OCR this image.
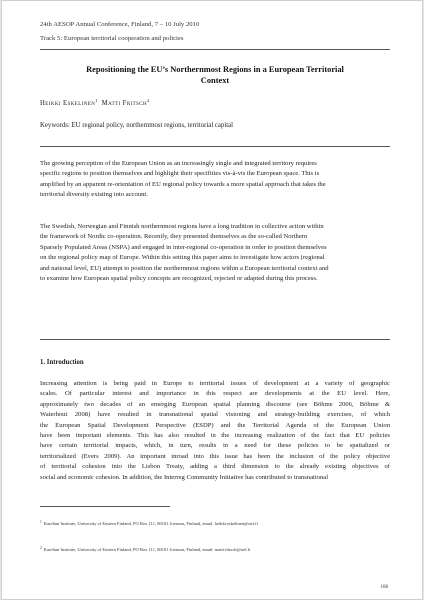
24th AESOP Annual Conference, Finland, 7 – 10 July 2010
Track 5: European territorial cooperation and policies
Repositioning the EU’s Northernmost Regions in a European Territorial
Context
Heikki Eskelinen$^1$ Matti Fritsch$^2$
Keywords: EU regional policy, northernmost regions, territorial capital
The growing perception of the European Union as an increasingly single and integrated territory requires
specific regions to position themselves and highlight their specifities vis-à-vis the European space. This is
amplified by an apparent re-orientation of EU regional policy towards a more spatial approach that takes the
territorial diversity existing into account.
The Swedish, Norwegian and Finnish northernmost regions have a long tradition in collective action within
the framework of Nordic co-operation. Recently, they presented themselves as the so-called Northern
Sparsely Populated Areas (NSPA) and engaged in inter-regional co-operation in order to position themselves
on the regional policy map of Europe. Within this setting this paper aims to investigate how actors (regional
and national level, EU) attempt to position the northernmost regions within a European territorial context and
to examine how European spatial policy concepts are recognized, rejected or adapted during this process.
1. Introduction
Increasing attention is being paid in Europe to territorial issues of development at a variety of geographic
scales. Of particular interest and importance in this respect are developments at the EU level. Here,
approximately two decades of an emerging European spatial planning discourse (see Böhme 2006, Böhme &
Waterhout 2008) have resulted in transnational spatial visioning and strategy-building exercises, of which
the European Spatial Development Perspective (ESDP) and the Territorial Agenda of the European Union
have been important elements. This has also resulted in the increasing realization of the fact that EU policies
have certain territorial impacts, which, in turn, results in a need for these policies to be spatialized or
territorialized (Evers 2009). An important inroad into this issue has been the inclusion of the policy objective
of territorial cohesion into the Lisbon Treaty, adding a third dimension to the already existing objectives of
social and economic cohesion. In addition, the Interreg Community Initiative has contributed to transnational
$^1$ Karelian Institute, University of Eastern Finland, PO Box 111, 80101 Joensuu, Finland, email: heikki.eskelinen@uef.fi
$^2$ Karelian Institute, University of Eastern Finland, PO Box 111, 80101 Joensuu, Finland, email: matti.fritsch@uef.fi
108
